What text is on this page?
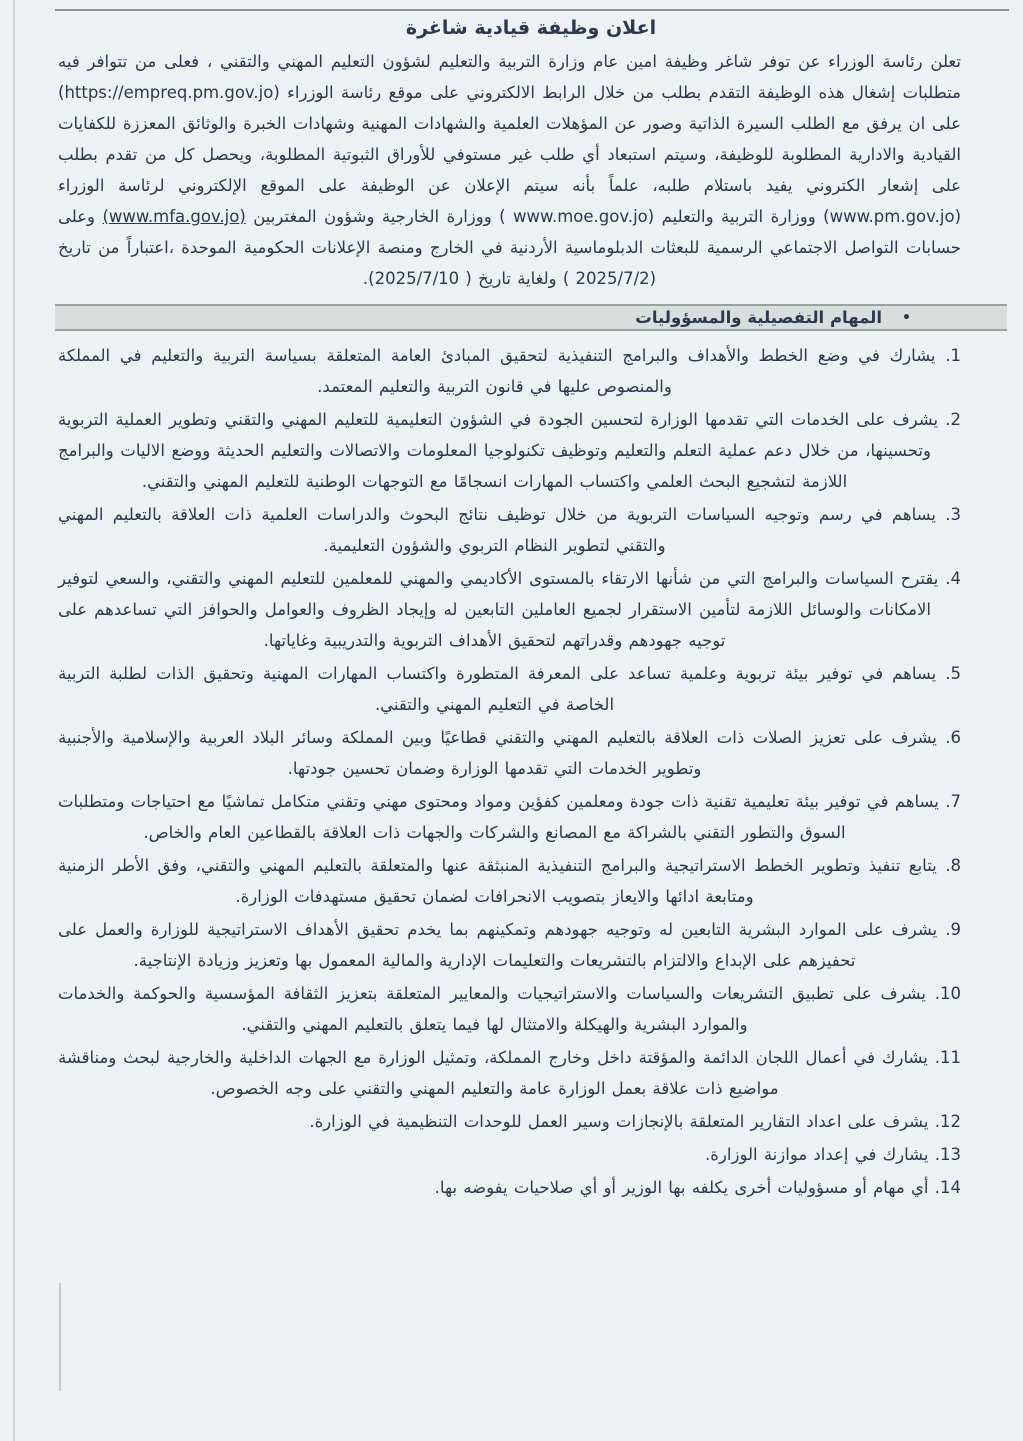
اعلان وظيفة قيادية شاغرة

تعلن رئاسة الوزراء عن توفر شاغر وظيفة امين عام وزارة التربية والتعليم لشؤون التعليم المهني والتقني ، فعلى من تتوافر فيه متطلبات إشغال هذه الوظيفة التقدم بطلب من خلال الرابط الالكتروني على موقع رئاسة الوزراء (https://empreq.pm.gov.jo) على ان يرفق مع الطلب السيرة الذاتية وصور عن المؤهلات العلمية والشهادات المهنية وشهادات الخبرة والوثائق المعززة للكفايات القيادية والادارية المطلوبة للوظيفة، وسيتم استبعاد أي طلب غير مستوفي للأوراق الثبوتية المطلوبة، ويحصل كل من تقدم بطلب على إشعار الكتروني يفيد باستلام طلبه، علماً بأنه سيتم الإعلان عن الوظيفة على الموقع الإلكتروني لرئاسة الوزراء (www.pm.gov.jo) ووزارة التربية والتعليم (www.moe.gov.jo ) ووزارة الخارجية وشؤون المغتربين (www.mfa.gov.jo) وعلى حسابات التواصل الاجتماعي الرسمية للبعثات الدبلوماسية الأردنية في الخارج ومنصة الإعلانات الحكومية الموحدة ،اعتباراً من تاريخ (2025/7/2 ) ولغاية تاريخ ( 2025/7/10).

•
المهام التفصيلية والمسؤوليات
1. يشارك في وضع الخطط والأهداف والبرامج التنفيذية لتحقيق المبادئ العامة المتعلقة بسياسة التربية والتعليم في المملكة والمنصوص عليها في قانون التربية والتعليم المعتمد.
2. يشرف على الخدمات التي تقدمها الوزارة لتحسين الجودة في الشؤون التعليمية للتعليم المهني والتقني وتطوير العملية التربوية وتحسينها، من خلال دعم عملية التعلم والتعليم وتوظيف تكنولوجيا المعلومات والاتصالات والتعليم الحديثة ووضع الاليات والبرامج اللازمة لتشجيع البحث العلمي واكتساب المهارات انسجامًا مع التوجهات الوطنية للتعليم المهني والتقني.
3. يساهم في رسم وتوجيه السياسات التربوية من خلال توظيف نتائج البحوث والدراسات العلمية ذات العلاقة بالتعليم المهني والتقني لتطوير النظام التربوي والشؤون التعليمية.
4. يقترح السياسات والبرامج التي من شأنها الارتقاء بالمستوى الأكاديمي والمهني للمعلمين للتعليم المهني والتقني، والسعي لتوفير الامكانات والوسائل اللازمة لتأمين الاستقرار لجميع العاملين التابعين له وإيجاد الظروف والعوامل والحوافز التي تساعدهم على توجيه جهودهم وقدراتهم لتحقيق الأهداف التربوية والتدريبية وغاياتها.
5. يساهم في توفير بيئة تربوية وعلمية تساعد على المعرفة المتطورة واكتساب المهارات المهنية وتحقيق الذات لطلبة التربية الخاصة في التعليم المهني والتقني.
6. يشرف على تعزيز الصلات ذات العلاقة بالتعليم المهني والتقني قطاعيًا وبين المملكة وسائر البلاد العربية والإسلامية والأجنبية وتطوير الخدمات التي تقدمها الوزارة وضمان تحسين جودتها.
7. يساهم في توفير بيئة تعليمية تقنية ذات جودة ومعلمين كفؤين ومواد ومحتوى مهني وتقني متكامل تماشيًا مع احتياجات ومتطلبات السوق والتطور التقني بالشراكة مع المصانع والشركات والجهات ذات العلاقة بالقطاعين العام والخاص.
8. يتابع تنفيذ وتطوير الخطط الاستراتيجية والبرامج التنفيذية المنبثقة عنها والمتعلقة بالتعليم المهني والتقني، وفق الأطر الزمنية ومتابعة ادائها والايعاز بتصويب الانحرافات لضمان تحقيق مستهدفات الوزارة.
9. يشرف على الموارد البشرية التابعين له وتوجيه جهودهم وتمكينهم بما يخدم تحقيق الأهداف الاستراتيجية للوزارة والعمل على تحفيزهم على الإبداع والالتزام بالتشريعات والتعليمات الإدارية والمالية المعمول بها وتعزيز وزيادة الإنتاجية.
10. يشرف على تطبيق التشريعات والسياسات والاستراتيجيات والمعايير المتعلقة بتعزيز الثقافة المؤسسية والحوكمة والخدمات والموارد البشرية والهيكلة والامتثال لها فيما يتعلق بالتعليم المهني والتقني.
11. يشارك في أعمال اللجان الدائمة والمؤقتة داخل وخارج المملكة، وتمثيل الوزارة مع الجهات الداخلية والخارجية لبحث ومناقشة مواضيع ذات علاقة بعمل الوزارة عامة والتعليم المهني والتقني على وجه الخصوص.
12. يشرف على اعداد التقارير المتعلقة بالإنجازات وسير العمل للوحدات التنظيمية في الوزارة.
13. يشارك في إعداد موازنة الوزارة.
14. أي مهام أو مسؤوليات أخرى يكلفه بها الوزير أو أي صلاحيات يفوضه بها.
